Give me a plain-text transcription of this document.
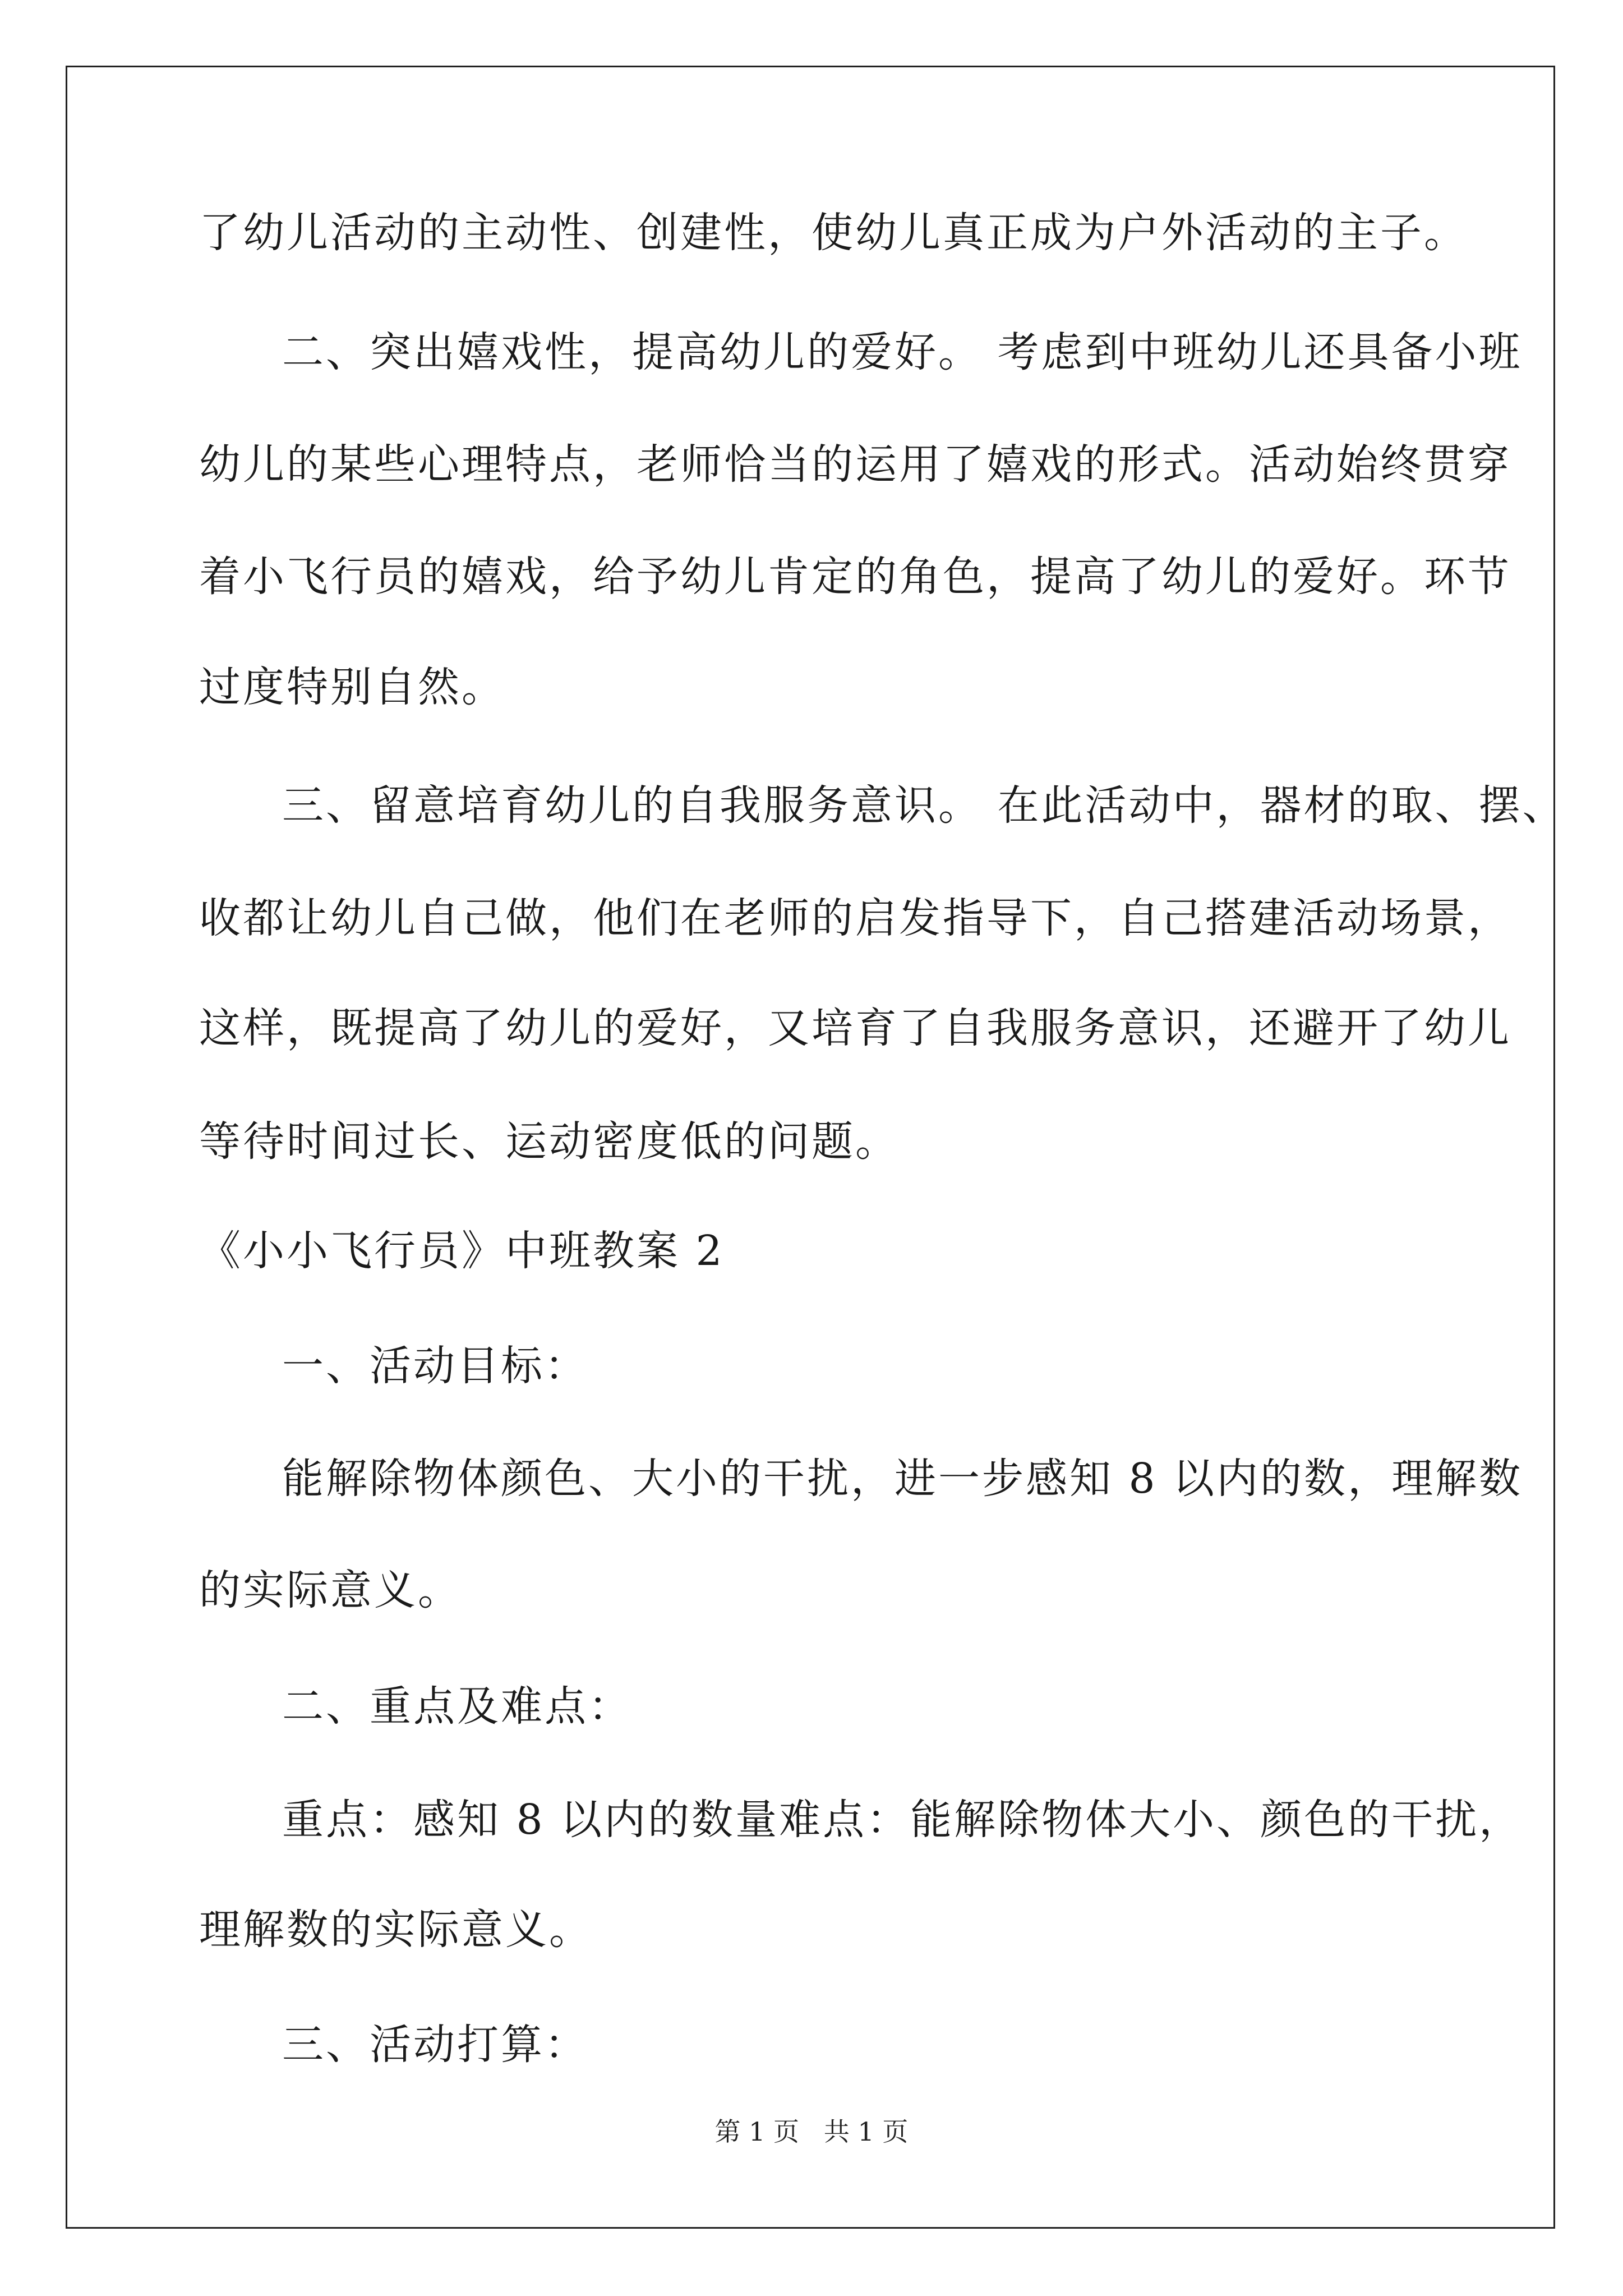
了幼儿活动的主动性、创建性，使幼儿真正成为户外活动的主子。
二、突出嬉戏性，提高幼儿的爱好。 考虑到中班幼儿还具备小班
幼儿的某些心理特点，老师恰当的运用了嬉戏的形式。活动始终贯穿
着小飞行员的嬉戏，给予幼儿肯定的角色，提高了幼儿的爱好。环节
过度特别自然。
三、留意培育幼儿的自我服务意识。 在此活动中，器材的取、摆、
收都让幼儿自己做，他们在老师的启发指导下，自己搭建活动场景，
这样，既提高了幼儿的爱好，又培育了自我服务意识，还避开了幼儿
等待时间过长、运动密度低的问题。
《小小飞行员》中班教案 2
一、活动目标：
能解除物体颜色、大小的干扰，进一步感知 8 以内的数，理解数
的实际意义。
二、重点及难点：
重点：感知 8 以内的数量难点：能解除物体大小、颜色的干扰，
理解数的实际意义。
三、活动打算：
第 1 页   共 1 页
